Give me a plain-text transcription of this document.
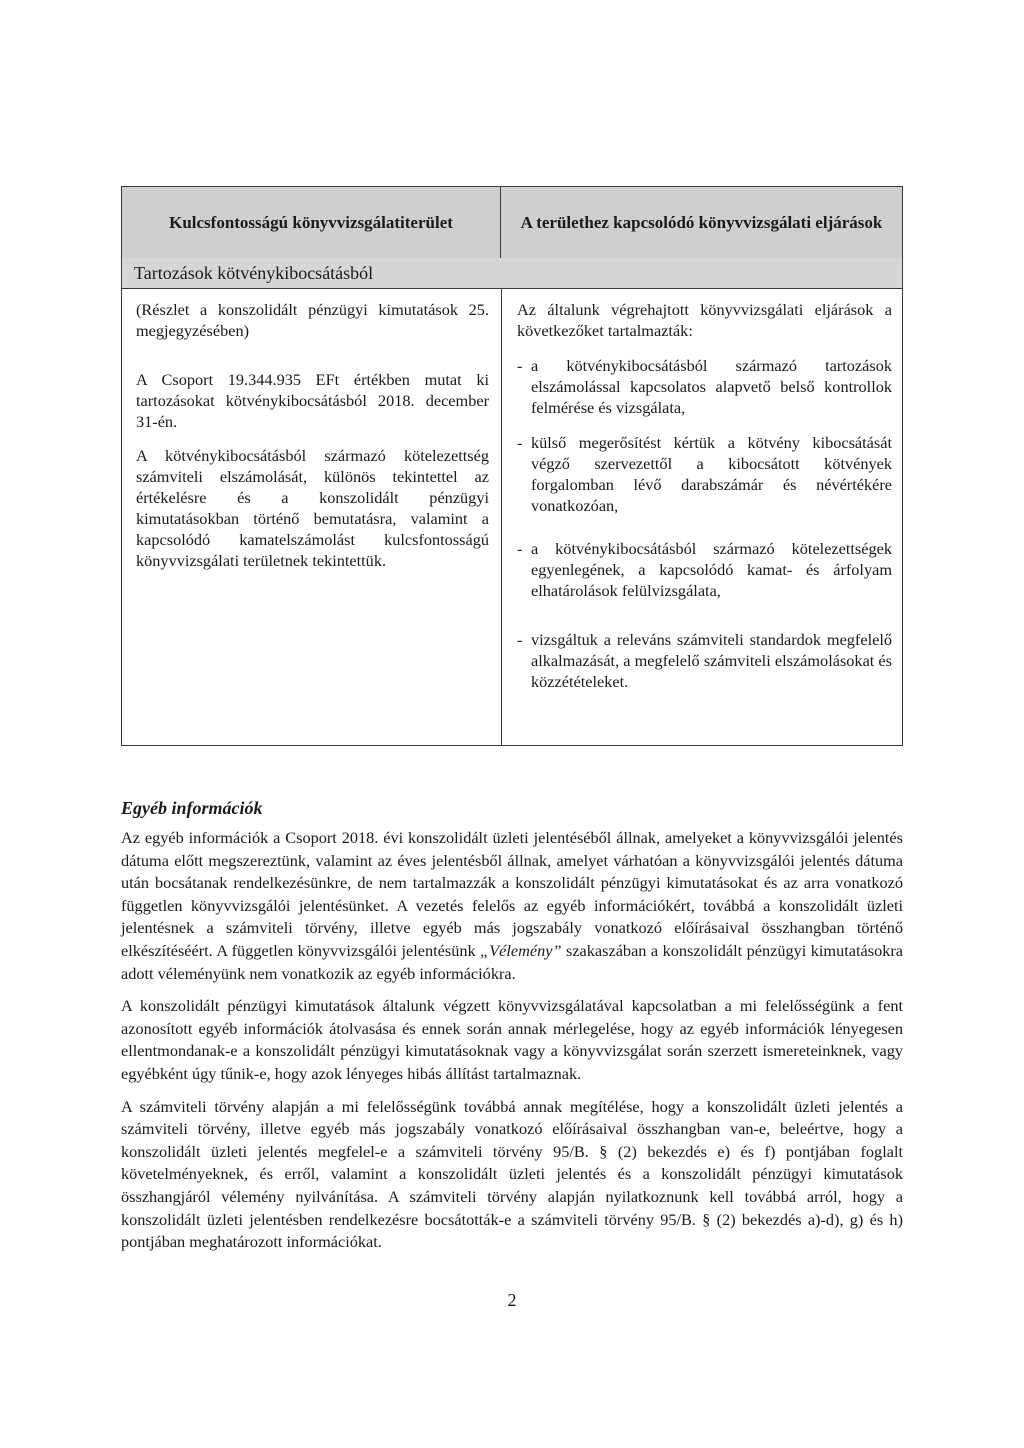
Kulcsfontosságú könyvvizsgálatiterület	A területhez kapcsolódó könyvvizsgálati eljárások
Tartozások kötvénykibocsátásból

(Részlet a konszolidált pénzügyi kimutatások 25. megjegyzésében)

A Csoport 19.344.935 EFt értékben mutat ki tartozásokat kötvénykibocsátásból 2018. december 31-én.

A kötvénykibocsátásból származó kötelezettség számviteli elszámolását, különös tekintettel az értékelésre és a konszolidált pénzügyi kimutatásokban történő bemutatásra, valamint a kapcsolódó kamatelszámolást kulcsfontosságú könyvvizsgálati területnek tekintettük.

Az általunk végrehajtott könyvvizsgálati eljárások a következőket tartalmazták:

- a kötvénykibocsátásból származó tartozások elszámolással kapcsolatos alapvető belső kontrollok felmérése és vizsgálata,
- külső megerősítést kértük a kötvény kibocsátását végző szervezettől a kibocsátott kötvények forgalomban lévő darabszámár és névértékére vonatkozóan,
- a kötvénykibocsátásból származó kötelezettségek egyenlegének, a kapcsolódó kamat- és árfolyam elhatárolások felülvizsgálata,
- vizsgáltuk a releváns számviteli standardok megfelelő alkalmazását, a megfelelő számviteli elszámolásokat és közzétételeket.
Egyéb információk

Az egyéb információk a Csoport 2018. évi konszolidált üzleti jelentéséből állnak, amelyeket a könyvvizsgálói jelentés dátuma előtt megszereztünk, valamint az éves jelentésből állnak, amelyet várhatóan a könyvvizsgálói jelentés dátuma után bocsátanak rendelkezésünkre, de nem tartalmazzák a konszolidált pénzügyi kimutatásokat és az arra vonatkozó független könyvvizsgálói jelentésünket. A vezetés felelős az egyéb információkért, továbbá a konszolidált üzleti jelentésnek a számviteli törvény, illetve egyéb más jogszabály vonatkozó előírásaival összhangban történő elkészítéséért. A független könyvvizsgálói jelentésünk „Vélemény” szakaszában a konszolidált pénzügyi kimutatásokra adott véleményünk nem vonatkozik az egyéb információkra.

A konszolidált pénzügyi kimutatások általunk végzett könyvvizsgálatával kapcsolatban a mi felelősségünk a fent azonosított egyéb információk átolvasása és ennek során annak mérlegelése, hogy az egyéb információk lényegesen ellentmondanak-e a konszolidált pénzügyi kimutatásoknak vagy a könyvvizsgálat során szerzett ismereteinknek, vagy egyébként úgy tűnik-e, hogy azok lényeges hibás állítást tartalmaznak.

A számviteli törvény alapján a mi felelősségünk továbbá annak megítélése, hogy a konszolidált üzleti jelentés a számviteli törvény, illetve egyéb más jogszabály vonatkozó előírásaival összhangban van-e, beleértve, hogy a konszolidált üzleti jelentés megfelel-e a számviteli törvény 95/B. § (2) bekezdés e) és f) pontjában foglalt követelményeknek, és erről, valamint a konszolidált üzleti jelentés és a konszolidált pénzügyi kimutatások összhangjáról vélemény nyilvánítása. A számviteli törvény alapján nyilatkoznunk kell továbbá arról, hogy a konszolidált üzleti jelentésben rendelkezésre bocsátották-e a számviteli törvény 95/B. § (2) bekezdés a)-d), g) és h) pontjában meghatározott információkat.

2
